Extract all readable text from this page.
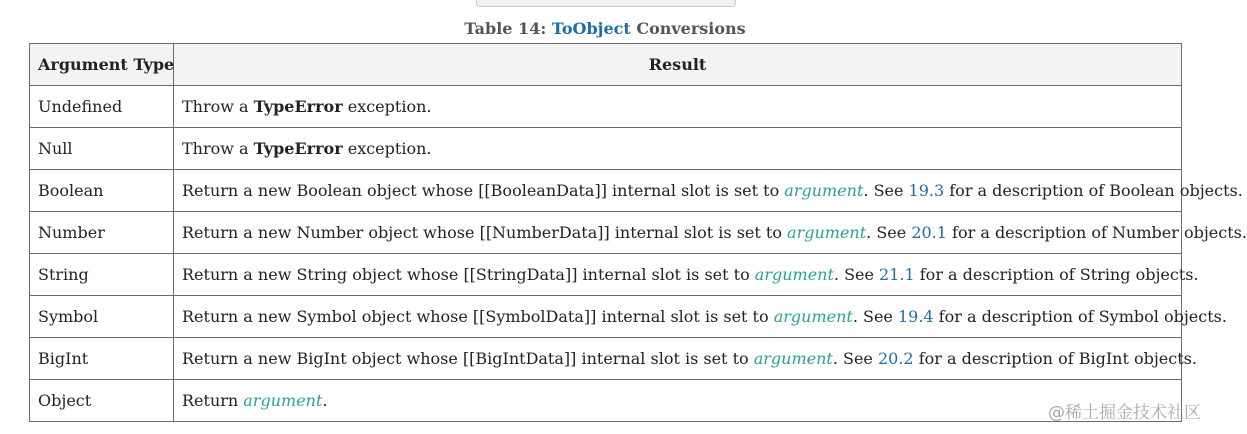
Table 14: ToObject Conversions
Argument Type	Result
Undefined	Throw a TypeError exception.
Null	Throw a TypeError exception.
Boolean	Return a new Boolean object whose [[BooleanData]] internal slot is set to argument. See 19.3 for a description of Boolean objects.
Number	Return a new Number object whose [[NumberData]] internal slot is set to argument. See 20.1 for a description of Number objects.
String	Return a new String object whose [[StringData]] internal slot is set to argument. See 21.1 for a description of String objects.
Symbol	Return a new Symbol object whose [[SymbolData]] internal slot is set to argument. See 19.4 for a description of Symbol objects.
BigInt	Return a new BigInt object whose [[BigIntData]] internal slot is set to argument. See 20.2 for a description of BigInt objects.
Object	Return argument.
@稀土掘金技术社区
